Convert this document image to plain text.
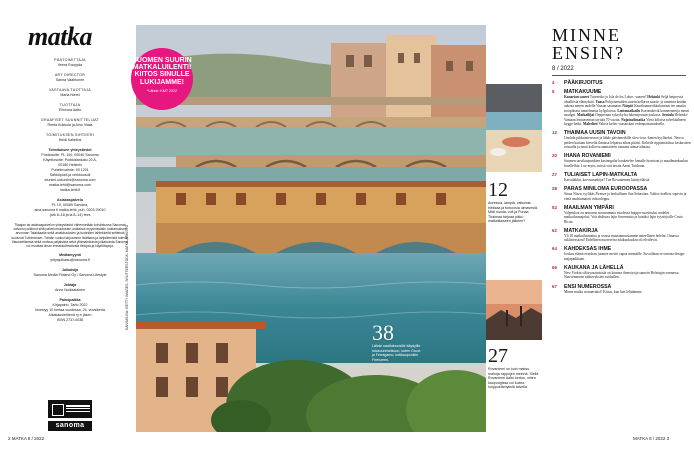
matka
PÄÄTOIMITTAJA
Veera Ruoppila
ART DIRECTOR
Sanna Vaahtonen
VASTAAVA TUOTTAJA
Maria Niemi
TUOTTAJA
Elinnora Aalto
GRAAFISET SUUNNITTELIJAT
Reeta Kukkola ja Aino Viiala
TOIMITUKSEN SIHTEERI
Heidi Kallelius
Toimituksen yhteystiedot
Postiosoite: PL 100, 00040 Sanoma
Käyntiosoite: Porkkalankatu 20 A,
00180 Helsinki
Puhelinvaihde: 09 1201
Sähköposti ja verkkoosoit
etunimi.sukunimi@sanoma.com
matka-lehti@sanoma.com
matka-lehti.fi
Asiakaspalvelu
PL 10, 00089 Sanoma,
aina sanoma ti matka-lehti, puh. 0203 29010
(ark 8–18 ja la 8–14) fees
Tilaajan tai asiakaspalvelun yhteystiedot vähennetään kohdistussa Sanomat valvomi poikkeut siitä palvelumuutosten outkaisut myynnissäkin luottamuksen arvonnan Taiakkaalla sekä asiakkuuksien ja tuoteiden lahfekkeitä seitteisiä kuuluvat Tutkimukset. Tämän vuoksi tarjoamme lisätilaus ja lahjaliemistä tulevia, tilauksellisesta sekä muissa paljaisista sekä yllämainituista julkaisuista Sanoma voi muuttaa ilman ennakkoilmoitusta tietojaa ja käyttötapoja.
Mediamyynti
yritysjulkaisu@sanoma.fi
Julkaisija
Sanoma Media Finland Oy / Sanoma Lifestyle
Johtaja
Anne Nuikkalainen
Painopaikka
Kirjapaino, Tarto 2022
Ilmestyy 10 kertaa vuodessa, 24. vuosikerta
Aikakauslehtenä ry:n jäsen
ISSN 2737-0038
sanoma
2 MATKA 8 / 2022
KANSIKUVA: GETTY IMAGES, SHUTTERSTOCK, MATKA-ARKISTO
SUOMEN SUURIN MATKALUILENTI! KIITOS SINULLE LUKIJAMME!
*Lähde: KMT 2022
38
Lähde naalloinuusille käydyille tulosuunmetkoon, kuten Gucci ja Ferragamo, kotikaupunkiin Firenzeen.
12
Aurinkoa, lampiä, valkoisia hiekkaa ja turkoosia uimavesiä. Mitä muuta, voit ja Punaa Thaimaa tarjoaa pikku matkaiilaiseen jälkeen?
27
Rovaniemi on kuin maksu-mahoja rappujen meinnä. Siellä Rovaniemi Aalto kertoo, miten kaupungissa voi kokea huippuelämyksiä talvella.
MINNE ENSIN?
8 / 2022
4	PÄÄKIRJOITUS
5	MATKAKUUME
Kanarian saaret Tuoreetko jo Isla de los Lobos -saaren? Helsinki Seljä hetpeyssä uhtalliisia elämyksiä. Vaasa Pohjoismaiden suurin kellarva saaria- ja rantenta-ketään aukeaa meren uudella Vaasan satamaan. Närpiö Kauribaamerikkalaisenai tee nauttia troopikseta tunnelmasta kylpyloissa. Lentomatkailu Koronakevät konneeneroja meuri suudget. Matkailijat Oeppernan syksykylsa lukeenjesuun joulussa. Seutula Helsinki-Vantaan lentoaseman täyttää 70 vuotta. Nojatuolimatka Vietä lolloisa talvekäalneen hygge-hetki. Maledivit Valitse kelier vaasaiskan vedenpaisumukselle.
12	THAIMAA UUSIN TAVOIN
Unohda pikkuinteresnot ja lähde päivämeikille slow-tour -kenen kyyläteksi. Neuvo peiden kariaan kieveltä ihmaisa lelpaesa aihaa pitäisi. Kokeile rippismatiitoa keskusteen reisualla ja nauti kolfoeta aamiaiteen omaana uiima-aihaasa.
20	IHANA ROVANIEMI
Suomen tarvikaupunkien kasinogulat houketelee lomalle luontoon ja maailmankuulun hotellelhin. Lue myös, missä voit tavata Aarni Tuiskuan.
27	TULIAISET LAPIN-MATKALTA
Kaivalakkir, korvuuraekiya? Tue Rovaniemen käsityöläisiä.
28	PARAS MINILOMA EUROOPASSA
Sinua Nizza, tyylikäs Firenze ja herkullinen San Sebastian. Valitse itsellesi sopivin ja vietä unohtumaton viikonloppu.
52	MAAILMAN YMPÄRI
Valpettkoa on nenossut muustamma vuodessa huippu-suosittuksi uudeksi matkailusmajoksi. Voit ahdistaa lajin Suvennista ja luiniksi lajin syystöjoille Costa Rican.
62	MATKAKIRJA
Yli 10 matkailusmaina ja seassa muustamuistamme anteellinen heleini. Omassa ruklistessaoni! Eidellinen nuoresein riskikuokaolan oli elviilevät.
64	KAHDEKSAS IHME
Jouksu elämä everdran juontee meisti vapaa niemäille. Suvaillaan se ometaa design-majapaikkaan.
66	KAUKANA JA LÄHELLÄ
New Yorkin siltivyasatuisiala on konnea ilmestyisja samoin Helsingin vannassa. Nuuvemmeen näitteeyksien suidaillen.
67	ENSI NUMEROSSA
Minne matka seuraavaksi? Kiitos, kun luet lehtiämme.
MATKA 8 / 2022 3
